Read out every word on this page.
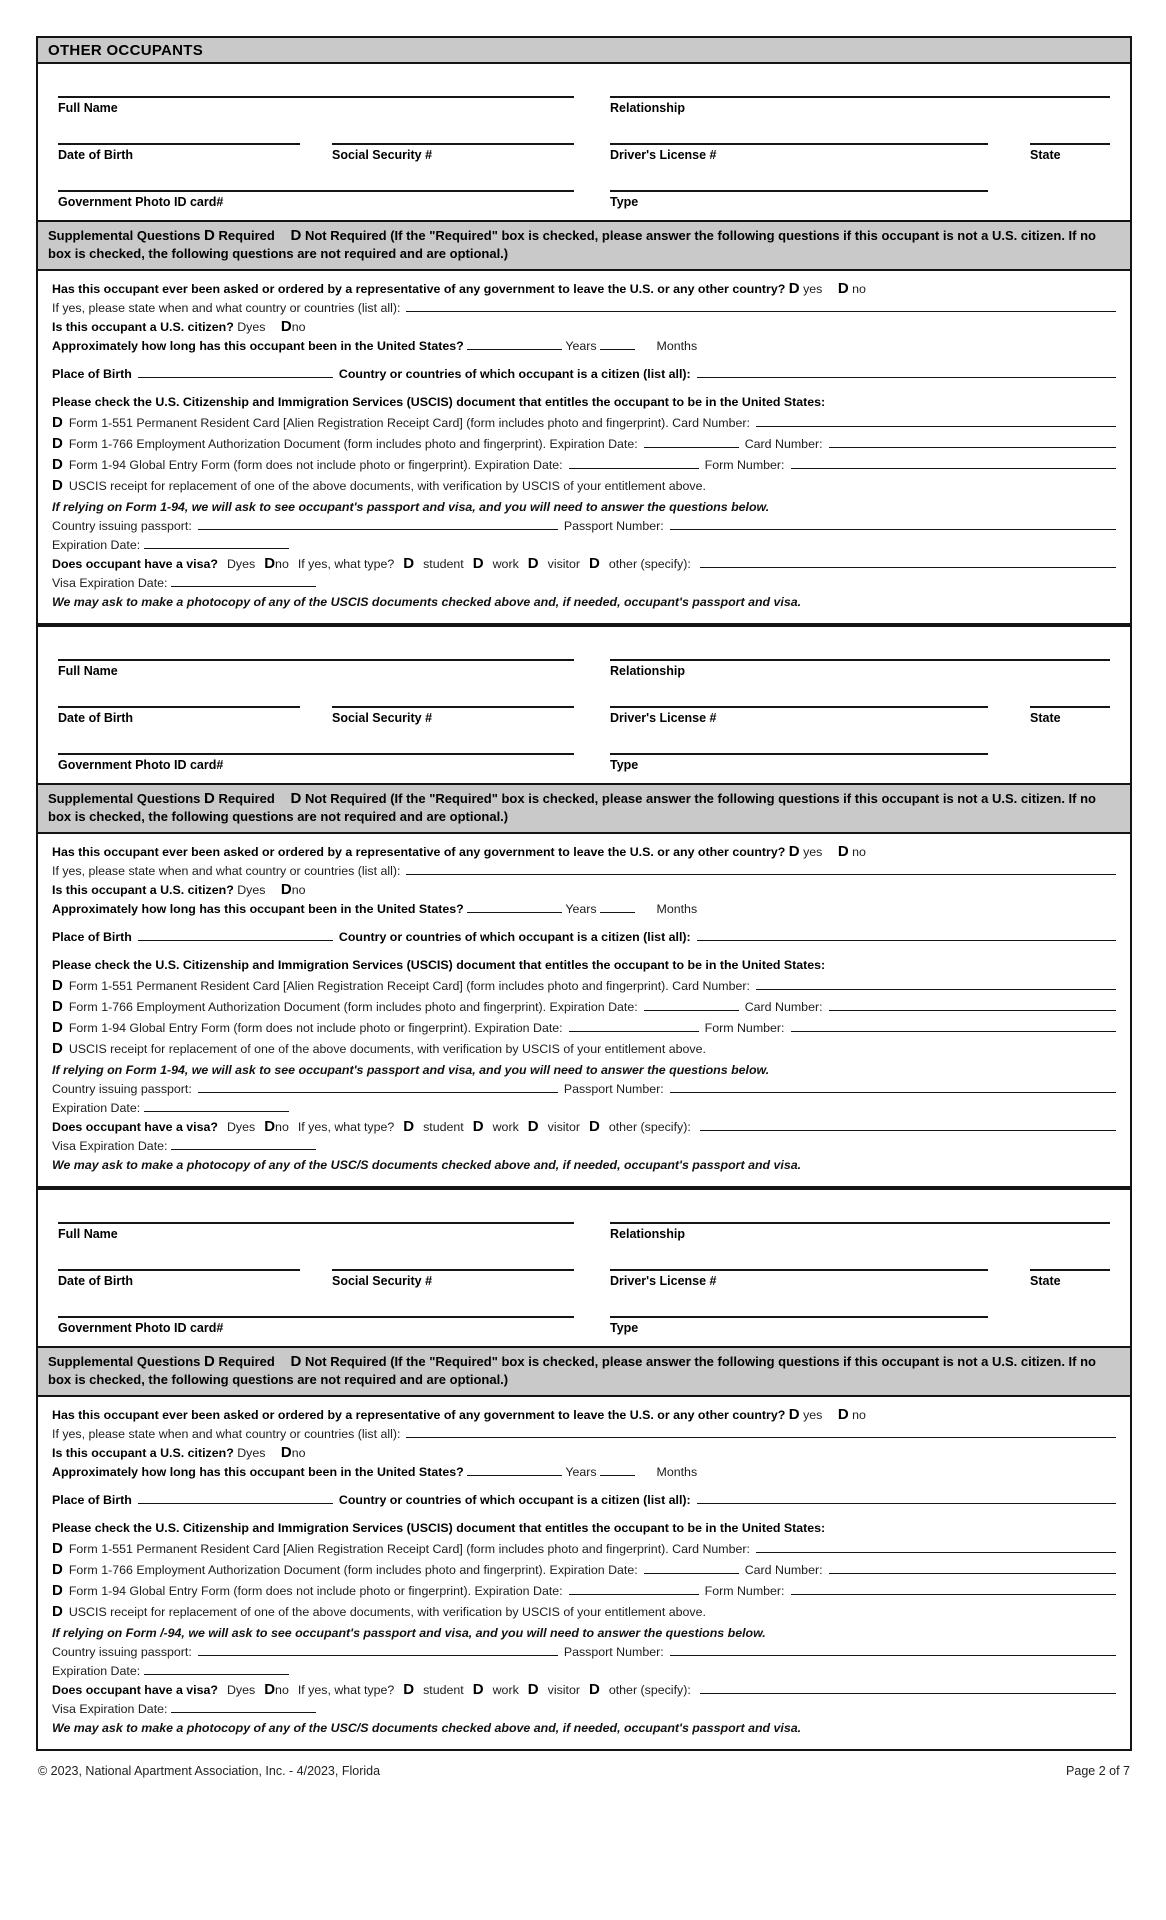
OTHER OCCUPANTS
Full Name	Relationship
Date of Birth	Social Security #	Driver's License #	State
Government Photo ID card#	Type
Supplemental Questions D Required D Not Required (If the "Required" box is checked, please answer the following questions if this occupant is not a U.S. citizen. If no box is checked, the following questions are not required and are optional.)
Has this occupant ever been asked or ordered by a representative of any government to leave the U.S. or any other country? D yes D no
If yes, please state when and what country or countries (list all):
Is this occupant a U.S. citizen? Dyes Dno
Approximately how long has this occupant been in the United States?	Years	Months
Place of Birth	Country or countries of which occupant is a citizen (list all):
Please check the U.S. Citizenship and Immigration Services (USCIS) document that entitles the occupant to be in the United States:
D Form 1-551 Permanent Resident Card [Alien Registration Receipt Card] (form includes photo and fingerprint). Card Number:
D Form 1-766 Employment Authorization Document (form includes photo and fingerprint). Expiration Date:	Card Number:
D Form 1-94 Global Entry Form (form does not include photo or fingerprint). Expiration Date:	Form Number:
D USCIS receipt for replacement of one of the above documents, with verification by USCIS of your entitlement above.
If relying on Form 1-94, we will ask to see occupant's passport and visa, and you will need to answer the questions below.
Country issuing passport:	Passport Number:
Expiration Date:
Does occupant have a visa? Dyes Dno If yes, what type? D student D work D visitor D other (specify):
Visa Expiration Date:
We may ask to make a photocopy of any of the USCIS documents checked above and, if needed, occupant's passport and visa.
Full Name	Relationship
Date of Birth	Social Security #	Driver's License #	State
Government Photo ID card#	Type
Supplemental Questions D Required D Not Required (If the "Required" box is checked, please answer the following questions if this occupant is not a U.S. citizen. If no box is checked, the following questions are not required and are optional.)
Has this occupant ever been asked or ordered by a representative of any government to leave the U.S. or any other country? D yes D no
If yes, please state when and what country or countries (list all):
Is this occupant a U.S. citizen? Dyes Dno
Approximately how long has this occupant been in the United States?	Years	Months
Place of Birth	Country or countries of which occupant is a citizen (list all):
Please check the U.S. Citizenship and Immigration Services (USCIS) document that entitles the occupant to be in the United States:
D Form 1-551 Permanent Resident Card [Alien Registration Receipt Card] (form includes photo and fingerprint). Card Number:
D Form 1-766 Employment Authorization Document (form includes photo and fingerprint). Expiration Date:	Card Number:
D Form 1-94 Global Entry Form (form does not include photo or fingerprint). Expiration Date:	Form Number:
D USCIS receipt for replacement of one of the above documents, with verification by USCIS of your entitlement above.
If relying on Form 1-94, we will ask to see occupant's passport and visa, and you will need to answer the questions below.
Country issuing passport:	Passport Number:
Expiration Date:
Does occupant have a visa? Dyes Dno If yes, what type? D student D work D visitor D other (specify):
Visa Expiration Date:
We may ask to make a photocopy of any of the USC/S documents checked above and, if needed, occupant's passport and visa.
Full Name	Relationship
Date of Birth	Social Security #	Driver's License #	State
Government Photo ID card#	Type
Supplemental Questions D Required D Not Required (If the "Required" box is checked, please answer the following questions if this occupant is not a U.S. citizen. If no box is checked, the following questions are not required and are optional.)
Has this occupant ever been asked or ordered by a representative of any government to leave the U.S. or any other country? D yes D no
If yes, please state when and what country or countries (list all):
Is this occupant a U.S. citizen? Dyes Dno
Approximately how long has this occupant been in the United States?	Years	Months
Place of Birth	Country or countries of which occupant is a citizen (list all):
Please check the U.S. Citizenship and Immigration Services (USCIS) document that entitles the occupant to be in the United States:
D Form 1-551 Permanent Resident Card [Alien Registration Receipt Card] (form includes photo and fingerprint). Card Number:
D Form 1-766 Employment Authorization Document (form includes photo and fingerprint). Expiration Date:	Card Number:
D Form 1-94 Global Entry Form (form does not include photo or fingerprint). Expiration Date:	Form Number:
D USCIS receipt for replacement of one of the above documents, with verification by USCIS of your entitlement above.
If relying on Form /-94, we will ask to see occupant's passport and visa, and you will need to answer the questions below.
Country issuing passport:	Passport Number:
Expiration Date:
Does occupant have a visa? Dyes Dno If yes, what type? D student D work D visitor D other (specify):
Visa Expiration Date:
We may ask to make a photocopy of any of the USC/S documents checked above and, if needed, occupant's passport and visa.
© 2023, National Apartment Association, Inc. - 4/2023, Florida	Page 2 of 7
